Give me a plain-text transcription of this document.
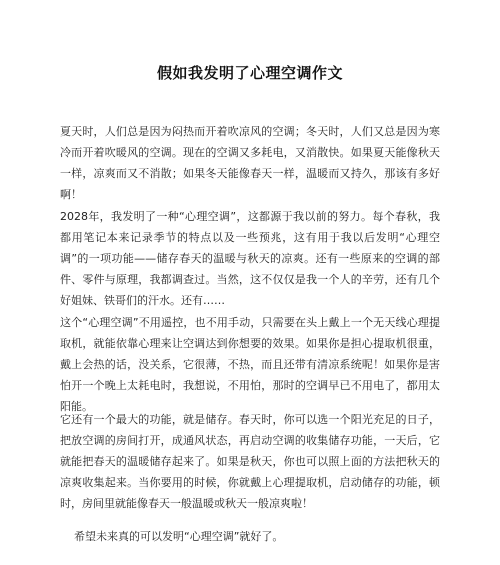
假如我发明了心理空调作文

夏天时，人们总是因为闷热而开着吹凉风的空调；冬天时，人们又总是因为寒冷而开着吹暖风的空调。现在的空调又多耗电，又消散快。如果夏天能像秋天一样，凉爽而又不消散；如果冬天能像春天一样，温暖而又持久，那该有多好啊！

2028年，我发明了一种“心理空调”，这都源于我以前的努力。每个春秋，我都用笔记本来记录季节的特点以及一些预兆，这有用于我以后发明“心理空调”的一项功能——储存春天的温暖与秋天的凉爽。还有一些原来的空调的部件、零件与原理，我都调查过。当然，这不仅仅是我一个人的辛劳，还有几个好姐妹、铁哥们的汗水。还有……

这个“心理空调”不用遥控，也不用手动，只需要在头上戴上一个无天线心理提取机，就能依靠心理来让空调达到你想要的效果。如果你是担心提取机很重，戴上会热的话，没关系，它很薄，不热，而且还带有清凉系统呢！如果你是害怕开一个晚上太耗电时，我想说，不用怕，那时的空调早已不用电了，都用太阳能。

它还有一个最大的功能，就是储存。春天时，你可以选一个阳光充足的日子，把放空调的房间打开，成通风状态，再启动空调的收集储存功能，一天后，它就能把春天的温暖储存起来了。如果是秋天，你也可以照上面的方法把秋天的凉爽收集起来。当你要用的时候，你就戴上心理提取机，启动储存的功能，顿时，房间里就能像春天一般温暖或秋天一般凉爽啦！

希望未来真的可以发明“心理空调”就好了。
